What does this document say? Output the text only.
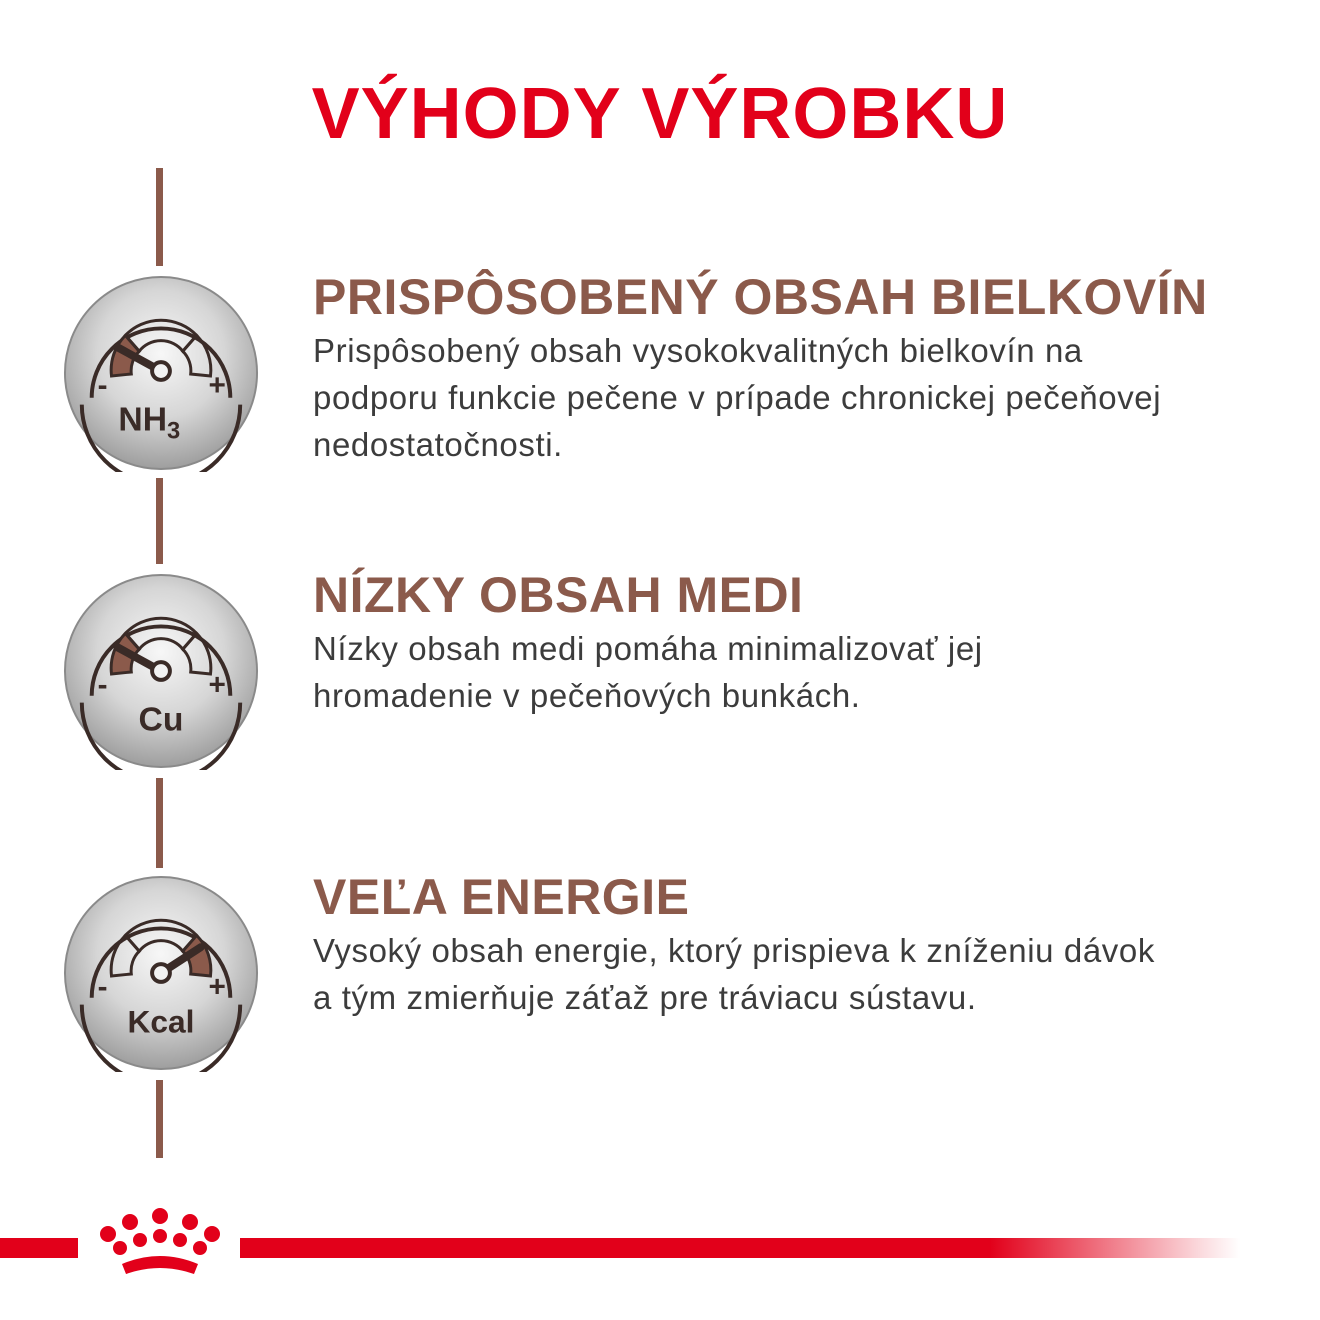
VÝHODY VÝROBKU
-	+
$NH_3$
-	+
Cu
-	+
Kcal
PRISPÔSOBENÝ OBSAH BIELKOVÍN

Prispôsobený obsah vysokokvalitných bielkovín na
podporu funkcie pečene v prípade chronickej pečeňovej
nedostatočnosti.

NÍZKY OBSAH MEDI

Nízky obsah medi pomáha minimalizovať jej
hromadenie v pečeňových bunkách.

VEĽA ENERGIE

Vysoký obsah energie, ktorý prispieva k zníženiu dávok
a tým zmierňuje záťaž pre tráviacu sústavu.
